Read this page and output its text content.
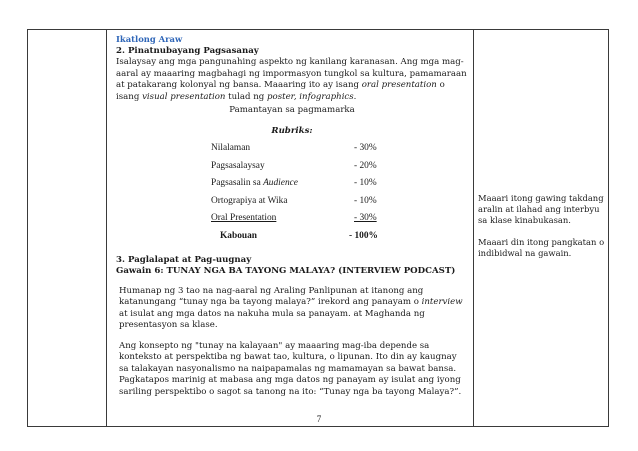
Ikatlong Araw
2. Pinatnubayang Pagsasanay
Isalaysay ang mga pangunahing aspekto ng kanilang karanasan. Ang mga mag-aaral ay maaaring magbahagi ng impormasyon tungkol sa kultura, pamamaraan at patakarang kolonyal ng bansa. Maaaring ito ay isang oral presentation o isang visual presentation tulad ng poster, infographics.
Pamantayan sa pagmamarka
Rubriks:
Nilalaman	- 30%
Pagsasalaysay	- 20%
Pagsasalin sa Audience	- 10%
Ortograpiya at Wika	- 10%
Oral Presentation	- 30%
Kabouan	- 100%
3. Paglalapat at Pag-uugnay
Gawain 6: TUNAY NGA BA TAYONG MALAYA? (INTERVIEW PODCAST)
Humanap ng 3 tao na nag-aaral ng Araling Panlipunan at itanong ang katanungang “tunay nga ba tayong malaya?” irekord ang panayam o interview at isulat ang mga datos na nakuha mula sa panayam. at Maghanda ng presentasyon sa klase.
Ang konsepto ng "tunay na kalayaan" ay maaaring mag-iba depende sa konteksto at perspektiba ng bawat tao, kultura, o lipunan. Ito din ay kaugnay sa talakayan nasyonalismo na naipapamalas ng mamamayan sa bawat bansa. Pagkatapos marinig at mabasa ang mga datos ng panayam ay isulat ang iyong sariling perspektibo o sagot sa tanong na ito: “Tunay nga ba tayong Malaya?”.
Maaari itong gawing takdang aralin at ilahad ang interbyu sa klase kinabukasan.
Maaari din itong pangkatan o indibidwal na gawain.
7
